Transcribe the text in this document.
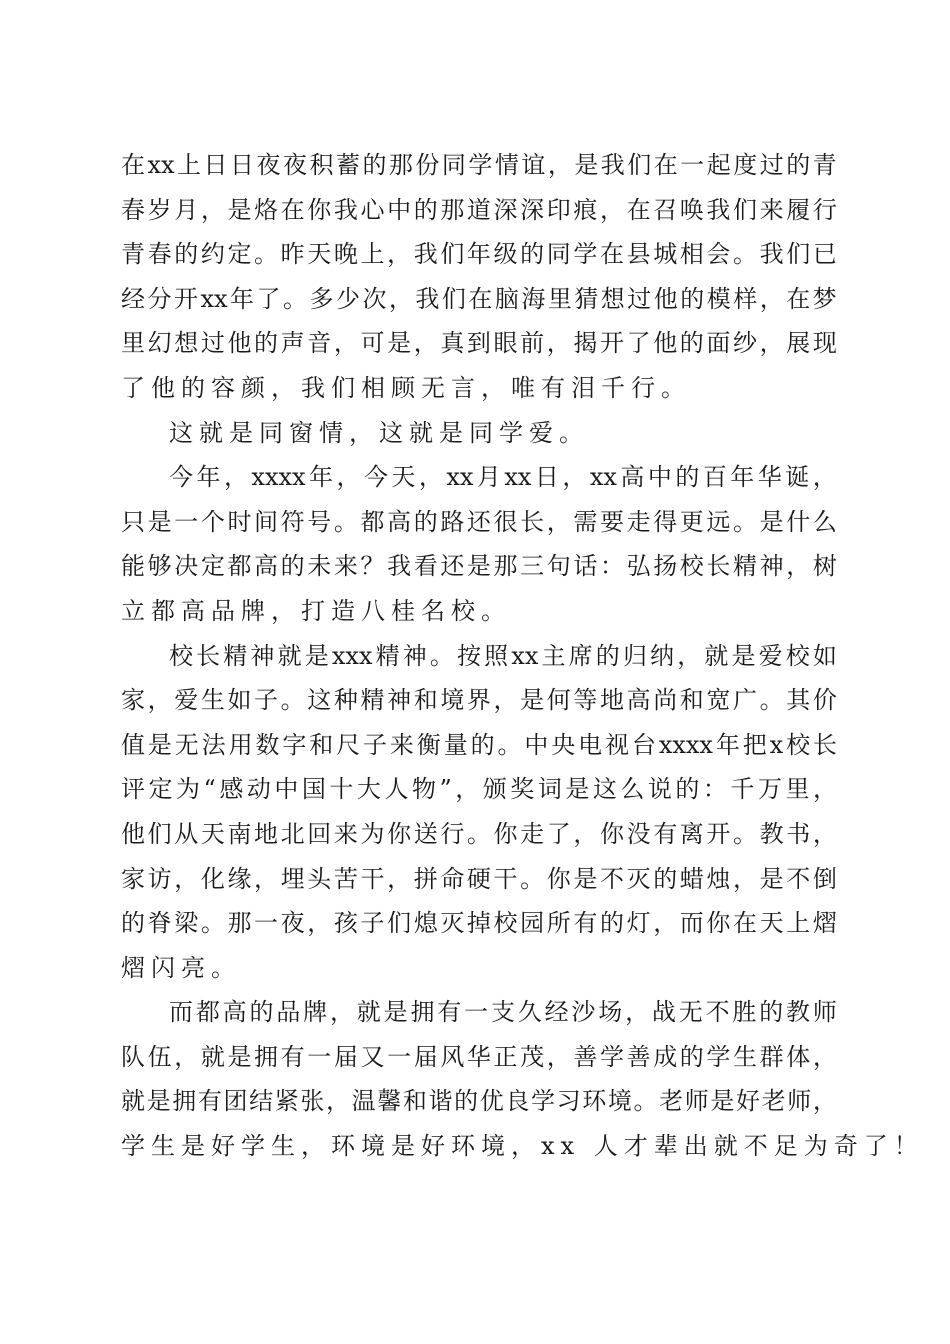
在 xx 上 日 日 夜 夜 积 蓄 的 那 份 同 学 情 谊 ， 是 我 们 在 一 起 度 过 的 青
春 岁 月 ， 是 烙 在 你 我 心 中 的 那 道 深 深 印 痕 ， 在 召 唤 我 们 来 履 行
青 春 的 约 定 。 昨 天 晚 上 ， 我 们 年 级 的 同 学 在 县 城 相 会 。 我 们 已
经 分 开 xx 年 了 。 多 少 次 ， 我 们 在 脑 海 里 猜 想 过 他 的 模 样 ， 在 梦
里 幻 想 过 他 的 声 音 ， 可 是 ， 真 到 眼 前 ， 揭 开 了 他 的 面 纱 ， 展 现
了他的容颜，我们相顾无言，唯有泪千行。
这就是同窗情，这就是同学爱。
今 年 ， xxxx 年 ， 今 天 ， xx 月 xx 日 ， xx 高 中 的 百 年 华 诞 ，
只 是 一 个 时 间 符 号 。 都 高 的 路 还 很 长 ， 需 要 走 得 更 远 。 是 什 么
能 够 决 定 都 高 的 未 来 ？ 我 看 还 是 那 三 句 话 ： 弘 扬 校 长 精 神 ， 树
立都高品牌，打造八桂名校。
校 长 精 神 就 是 xxx 精 神 。 按 照 xx 主 席 的 归 纳 ， 就 是 爱 校 如
家 ， 爱 生 如 子 。 这 种 精 神 和 境 界 ， 是 何 等 地 高 尚 和 宽 广 。 其 价
值 是 无 法 用 数 字 和 尺 子 来 衡 量 的 。 中 央 电 视 台 xxxx 年 把 x 校 长
评 定 为 “ 感 动 中 国 十 大 人 物 ” ， 颁 奖 词 是 这 么 说 的 ： 千 万 里 ，
他 们 从 天 南 地 北 回 来 为 你 送 行 。 你 走 了 ， 你 没 有 离 开 。 教 书 ，
家 访 ， 化 缘 ， 埋 头 苦 干 ， 拼 命 硬 干 。 你 是 不 灭 的 蜡 烛 ， 是 不 倒
的 脊 梁 。 那 一 夜 ， 孩 子 们 熄 灭 掉 校 园 所 有 的 灯 ， 而 你 在 天 上 熠
熠闪亮。
而 都 高 的 品 牌 ， 就 是 拥 有 一 支 久 经 沙 场 ， 战 无 不 胜 的 教 师
队 伍 ， 就 是 拥 有 一 届 又 一 届 风 华 正 茂 ， 善 学 善 成 的 学 生 群 体 ，
就 是 拥 有 团 结 紧 张 ， 温 馨 和 谐 的 优 良 学 习 环 境 。 老 师 是 好 老 师 ，
学生是好学生，环境是好环境，xx 人才辈出就不足为奇了！
